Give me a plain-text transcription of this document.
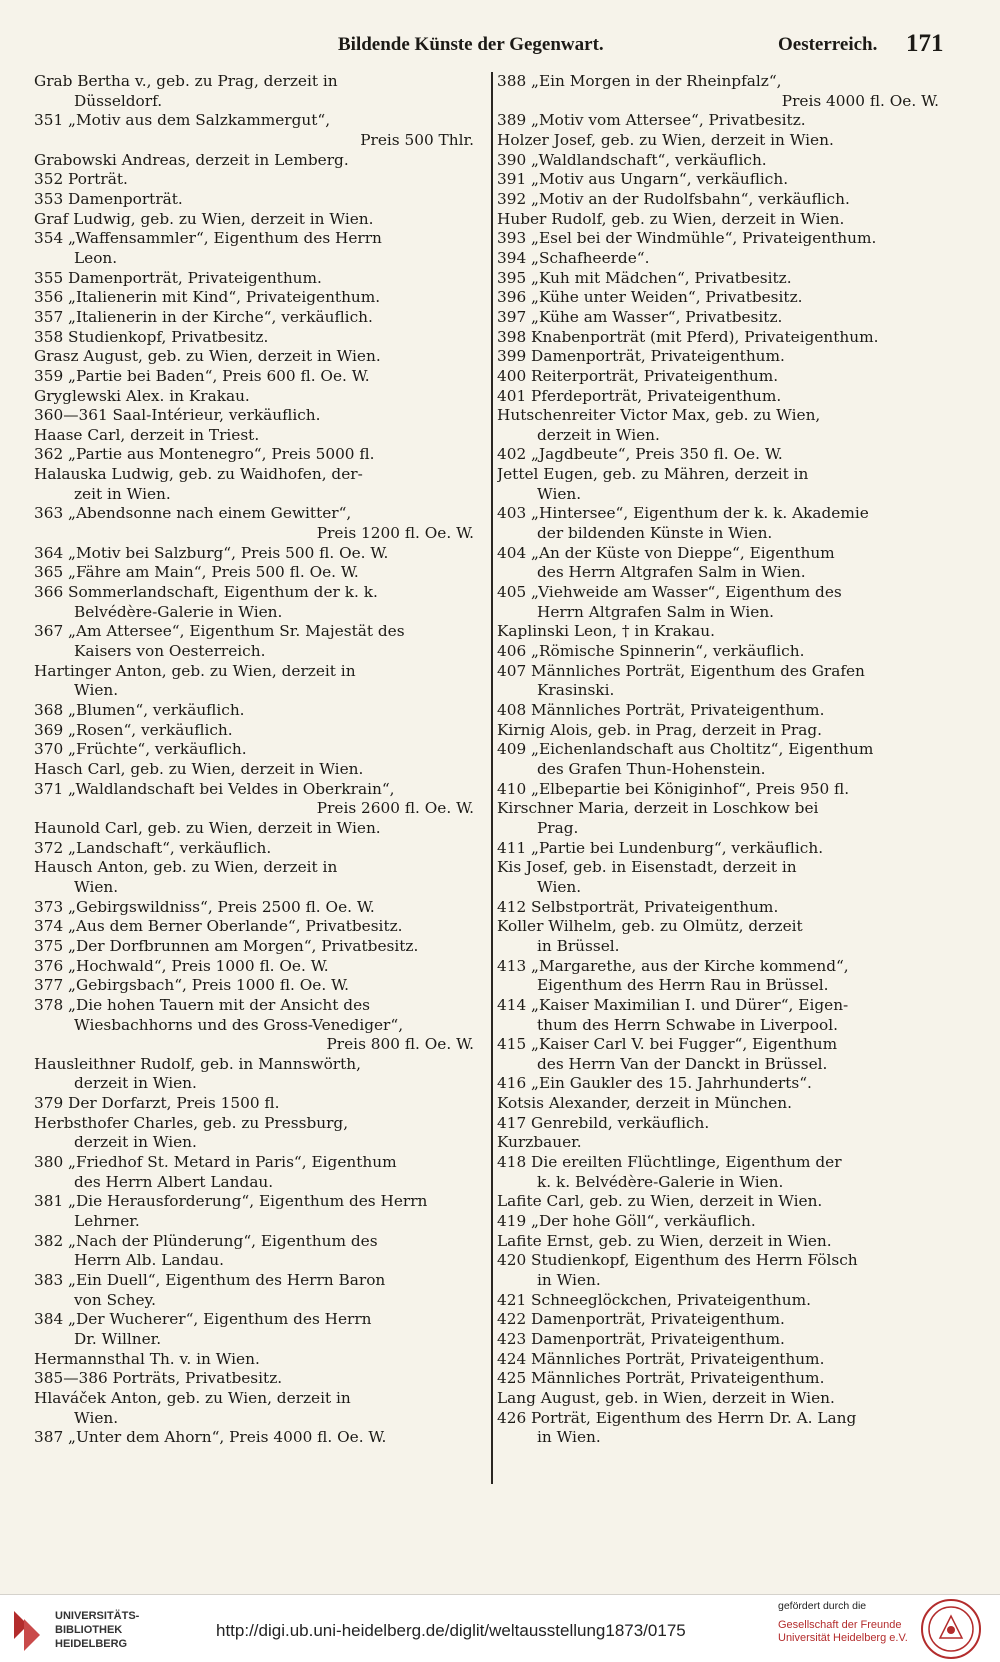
Bildende Künste der Gegenwart.	Oesterreich. 171
Grab Bertha v., geb. zu Prag, derzeit in
Düsseldorf.
351 „Motiv aus dem Salzkammergut“,
Preis 500 Thlr.
Grabowski Andreas, derzeit in Lemberg.
352 Porträt.
353 Damenporträt.
Graf Ludwig, geb. zu Wien, derzeit in Wien.
354 „Waffensammler“, Eigenthum des Herrn
Leon.
355 Damenporträt, Privateigenthum.
356 „Italienerin mit Kind“, Privateigenthum.
357 „Italienerin in der Kirche“, verkäuflich.
358 Studienkopf, Privatbesitz.
Grasz August, geb. zu Wien, derzeit in Wien.
359 „Partie bei Baden“, Preis 600 fl. Oe. W.
Gryglewski Alex. in Krakau.
360—361 Saal-Intérieur, verkäuflich.
Haase Carl, derzeit in Triest.
362 „Partie aus Montenegro“, Preis 5000 fl.
Halauska Ludwig, geb. zu Waidhofen, der-
zeit in Wien.
363 „Abendsonne nach einem Gewitter“,
Preis 1200 fl. Oe. W.
364 „Motiv bei Salzburg“, Preis 500 fl. Oe. W.
365 „Fähre am Main“, Preis 500 fl. Oe. W.
366 Sommerlandschaft, Eigenthum der k. k.
Belvédère-Galerie in Wien.
367 „Am Attersee“, Eigenthum Sr. Majestät des
Kaisers von Oesterreich.
Hartinger Anton, geb. zu Wien, derzeit in
Wien.
368 „Blumen“, verkäuflich.
369 „Rosen“, verkäuflich.
370 „Früchte“, verkäuflich.
Hasch Carl, geb. zu Wien, derzeit in Wien.
371 „Waldlandschaft bei Veldes in Oberkrain“,
Preis 2600 fl. Oe. W.
Haunold Carl, geb. zu Wien, derzeit in Wien.
372 „Landschaft“, verkäuflich.
Hausch Anton, geb. zu Wien, derzeit in
Wien.
373 „Gebirgswildniss“, Preis 2500 fl. Oe. W.
374 „Aus dem Berner Oberlande“, Privatbesitz.
375 „Der Dorfbrunnen am Morgen“, Privatbesitz.
376 „Hochwald“, Preis 1000 fl. Oe. W.
377 „Gebirgsbach“, Preis 1000 fl. Oe. W.
378 „Die hohen Tauern mit der Ansicht des
Wiesbachhorns und des Gross-Venediger“,
Preis 800 fl. Oe. W.
Hausleithner Rudolf, geb. in Mannswörth,
derzeit in Wien.
379 Der Dorfarzt, Preis 1500 fl.
Herbsthofer Charles, geb. zu Pressburg,
derzeit in Wien.
380 „Friedhof St. Metard in Paris“, Eigenthum
des Herrn Albert Landau.
381 „Die Herausforderung“, Eigenthum des Herrn
Lehrner.
382 „Nach der Plünderung“, Eigenthum des
Herrn Alb. Landau.
383 „Ein Duell“, Eigenthum des Herrn Baron
von Schey.
384 „Der Wucherer“, Eigenthum des Herrn
Dr. Willner.
Hermannsthal Th. v. in Wien.
385—386 Porträts, Privatbesitz.
Hlaváček Anton, geb. zu Wien, derzeit in
Wien.
387 „Unter dem Ahorn“, Preis 4000 fl. Oe. W.
388 „Ein Morgen in der Rheinpfalz“,
Preis 4000 fl. Oe. W.
389 „Motiv vom Attersee“, Privatbesitz.
Holzer Josef, geb. zu Wien, derzeit in Wien.
390 „Waldlandschaft“, verkäuflich.
391 „Motiv aus Ungarn“, verkäuflich.
392 „Motiv an der Rudolfsbahn“, verkäuflich.
Huber Rudolf, geb. zu Wien, derzeit in Wien.
393 „Esel bei der Windmühle“, Privateigenthum.
394 „Schafheerde“.
395 „Kuh mit Mädchen“, Privatbesitz.
396 „Kühe unter Weiden“, Privatbesitz.
397 „Kühe am Wasser“, Privatbesitz.
398 Knabenporträt (mit Pferd), Privateigenthum.
399 Damenporträt, Privateigenthum.
400 Reiterporträt, Privateigenthum.
401 Pferdeporträt, Privateigenthum.
Hutschenreiter Victor Max, geb. zu Wien,
derzeit in Wien.
402 „Jagdbeute“, Preis 350 fl. Oe. W.
Jettel Eugen, geb. zu Mähren, derzeit in
Wien.
403 „Hintersee“, Eigenthum der k. k. Akademie
der bildenden Künste in Wien.
404 „An der Küste von Dieppe“, Eigenthum
des Herrn Altgrafen Salm in Wien.
405 „Viehweide am Wasser“, Eigenthum des
Herrn Altgrafen Salm in Wien.
Kaplinski Leon, † in Krakau.
406 „Römische Spinnerin“, verkäuflich.
407 Männliches Porträt, Eigenthum des Grafen
Krasinski.
408 Männliches Porträt, Privateigenthum.
Kirnig Alois, geb. in Prag, derzeit in Prag.
409 „Eichenlandschaft aus Choltitz“, Eigenthum
des Grafen Thun-Hohenstein.
410 „Elbepartie bei Königinhof“, Preis 950 fl.
Kirschner Maria, derzeit in Loschkow bei
Prag.
411 „Partie bei Lundenburg“, verkäuflich.
Kis Josef, geb. in Eisenstadt, derzeit in
Wien.
412 Selbstporträt, Privateigenthum.
Koller Wilhelm, geb. zu Olmütz, derzeit
in Brüssel.
413 „Margarethe, aus der Kirche kommend“,
Eigenthum des Herrn Rau in Brüssel.
414 „Kaiser Maximilian I. und Dürer“, Eigen-
thum des Herrn Schwabe in Liverpool.
415 „Kaiser Carl V. bei Fugger“, Eigenthum
des Herrn Van der Danckt in Brüssel.
416 „Ein Gaukler des 15. Jahrhunderts“.
Kotsis Alexander, derzeit in München.
417 Genrebild, verkäuflich.
Kurzbauer.
418 Die ereilten Flüchtlinge, Eigenthum der
k. k. Belvédère-Galerie in Wien.
Lafite Carl, geb. zu Wien, derzeit in Wien.
419 „Der hohe Göll“, verkäuflich.
Lafite Ernst, geb. zu Wien, derzeit in Wien.
420 Studienkopf, Eigenthum des Herrn Fölsch
in Wien.
421 Schneeglöckchen, Privateigenthum.
422 Damenporträt, Privateigenthum.
423 Damenporträt, Privateigenthum.
424 Männliches Porträt, Privateigenthum.
425 Männliches Porträt, Privateigenthum.
Lang August, geb. in Wien, derzeit in Wien.
426 Porträt, Eigenthum des Herrn Dr. A. Lang
in Wien.
UNIVERSITÄTS-
BIBLIOTHEK
HEIDELBERG
http://digi.ub.uni-heidelberg.de/diglit/weltausstellung1873/0175
gefördert durch die
Gesellschaft der Freunde
Universität Heidelberg e.V.
